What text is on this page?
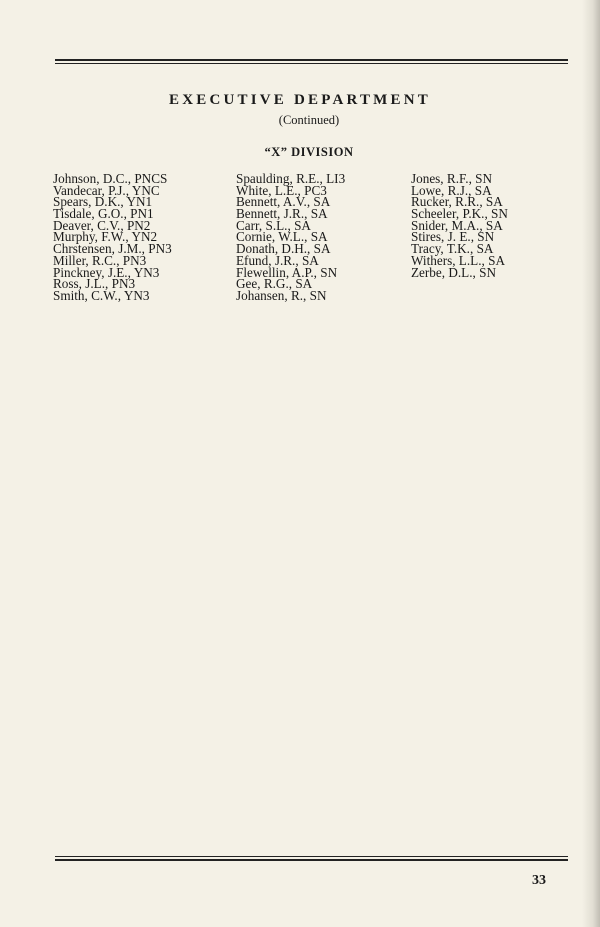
EXECUTIVE DEPARTMENT
(Continued)
“X” DIVISION
Johnson, D.C., PNCS
Vandecar, P.J., YNC
Spears, D.K., YN1
Tisdale, G.O., PN1
Deaver, C.V., PN2
Murphy, F.W., YN2
Chrstensen, J.M., PN3
Miller, R.C., PN3
Pinckney, J.E., YN3
Ross, J.L., PN3
Smith, C.W., YN3
Spaulding, R.E., LI3
White, L.E., PC3
Bennett, A.V., SA
Bennett, J.R., SA
Carr, S.L., SA
Cornie, W.L., SA
Donath, D.H., SA
Efund, J.R., SA
Flewellin, A.P., SN
Gee, R.G., SA
Johansen, R., SN
Jones, R.F., SN
Lowe, R.J., SA
Rucker, R.R., SA
Scheeler, P.K., SN
Snider, M.A., SA
Stires, J. E., SN
Tracy, T.K., SA
Withers, L.L., SA
Zerbe, D.L., SN
33
